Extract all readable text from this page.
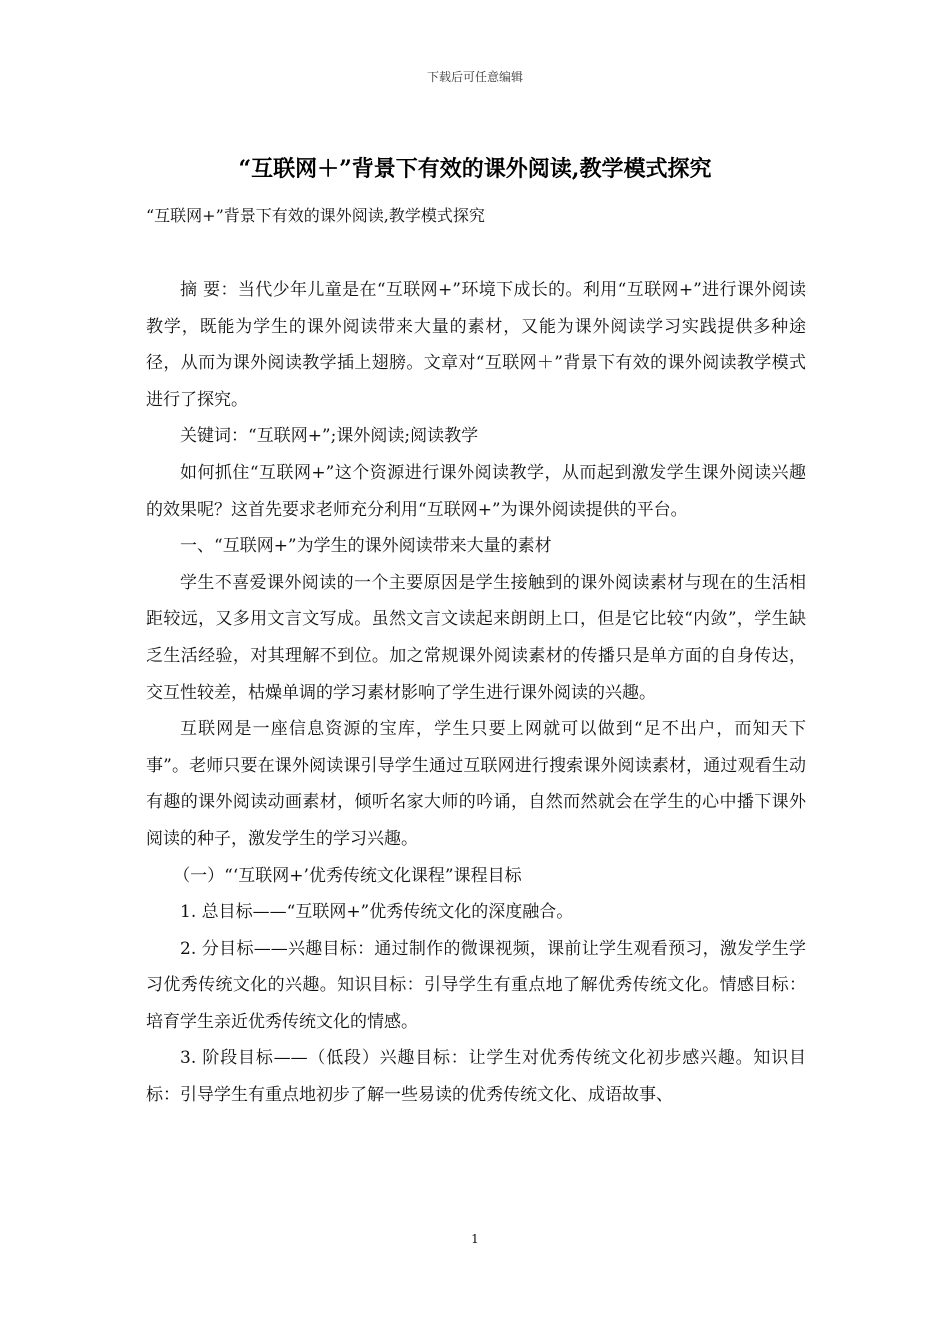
下载后可任意编辑
“互联网＋”背景下有效的课外阅读,教学模式探究
“互联网+”背景下有效的课外阅读,教学模式探究

摘 要：当代少年儿童是在“互联网+”环境下成长的。利用“互联网+”进行课外阅读教学，既能为学生的课外阅读带来大量的素材，又能为课外阅读学习实践提供多种途径，从而为课外阅读教学插上翅膀。文章对“互联网＋”背景下有效的课外阅读教学模式进行了探究。

关键词：“互联网+”;课外阅读;阅读教学

如何抓住“互联网+”这个资源进行课外阅读教学，从而起到激发学生课外阅读兴趣的效果呢？这首先要求老师充分利用“互联网+”为课外阅读提供的平台。

一、“互联网+”为学生的课外阅读带来大量的素材

学生不喜爱课外阅读的一个主要原因是学生接触到的课外阅读素材与现在的生活相距较远，又多用文言文写成。虽然文言文读起来朗朗上口，但是它比较“内敛”，学生缺乏生活经验，对其理解不到位。加之常规课外阅读素材的传播只是单方面的自身传达，交互性较差，枯燥单调的学习素材影响了学生进行课外阅读的兴趣。

互联网是一座信息资源的宝库，学生只要上网就可以做到“足不出户，而知天下事”。老师只要在课外阅读课引导学生通过互联网进行搜索课外阅读素材，通过观看生动有趣的课外阅读动画素材，倾听名家大师的吟诵，自然而然就会在学生的心中播下课外阅读的种子，激发学生的学习兴趣。

（一）“‘互联网+’优秀传统文化课程”课程目标

1. 总目标——“互联网+”优秀传统文化的深度融合。

2. 分目标——兴趣目标：通过制作的微课视频，课前让学生观看预习，激发学生学习优秀传统文化的兴趣。知识目标：引导学生有重点地了解优秀传统文化。情感目标：培育学生亲近优秀传统文化的情感。

3. 阶段目标——（低段）兴趣目标：让学生对优秀传统文化初步感兴趣。知识目标：引导学生有重点地初步了解一些易读的优秀传统文化、成语故事、

1
